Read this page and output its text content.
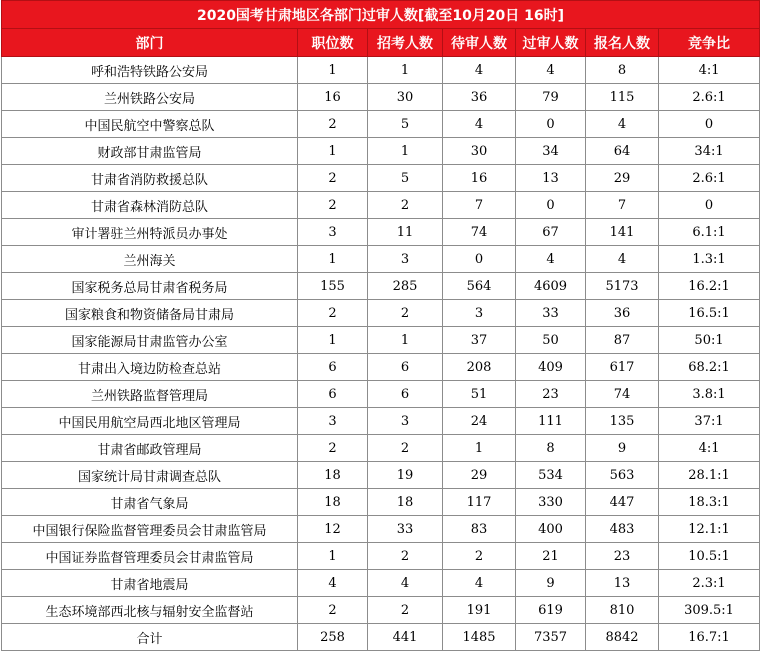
2020国考甘肃地区各部门过审人数[截至10月20日 16时]						
部门	职位数	招考人数	待审人数	过审人数	报名人数	竞争比
呼和浩特铁路公安局	1	1	4	4	8	4:1
兰州铁路公安局	16	30	36	79	115	2.6:1
中国民航空中警察总队	2	5	4	0	4	0
财政部甘肃监管局	1	1	30	34	64	34:1
甘肃省消防救援总队	2	5	16	13	29	2.6:1
甘肃省森林消防总队	2	2	7	0	7	0
审计署驻兰州特派员办事处	3	11	74	67	141	6.1:1
兰州海关	1	3	0	4	4	1.3:1
国家税务总局甘肃省税务局	155	285	564	4609	5173	16.2:1
国家粮食和物资储备局甘肃局	2	2	3	33	36	16.5:1
国家能源局甘肃监管办公室	1	1	37	50	87	50:1
甘肃出入境边防检查总站	6	6	208	409	617	68.2:1
兰州铁路监督管理局	6	6	51	23	74	3.8:1
中国民用航空局西北地区管理局	3	3	24	111	135	37:1
甘肃省邮政管理局	2	2	1	8	9	4:1
国家统计局甘肃调查总队	18	19	29	534	563	28.1:1
甘肃省气象局	18	18	117	330	447	18.3:1
中国银行保险监督管理委员会甘肃监管局	12	33	83	400	483	12.1:1
中国证券监督管理委员会甘肃监管局	1	2	2	21	23	10.5:1
甘肃省地震局	4	4	4	9	13	2.3:1
生态环境部西北核与辐射安全监督站	2	2	191	619	810	309.5:1
合计	258	441	1485	7357	8842	16.7:1
